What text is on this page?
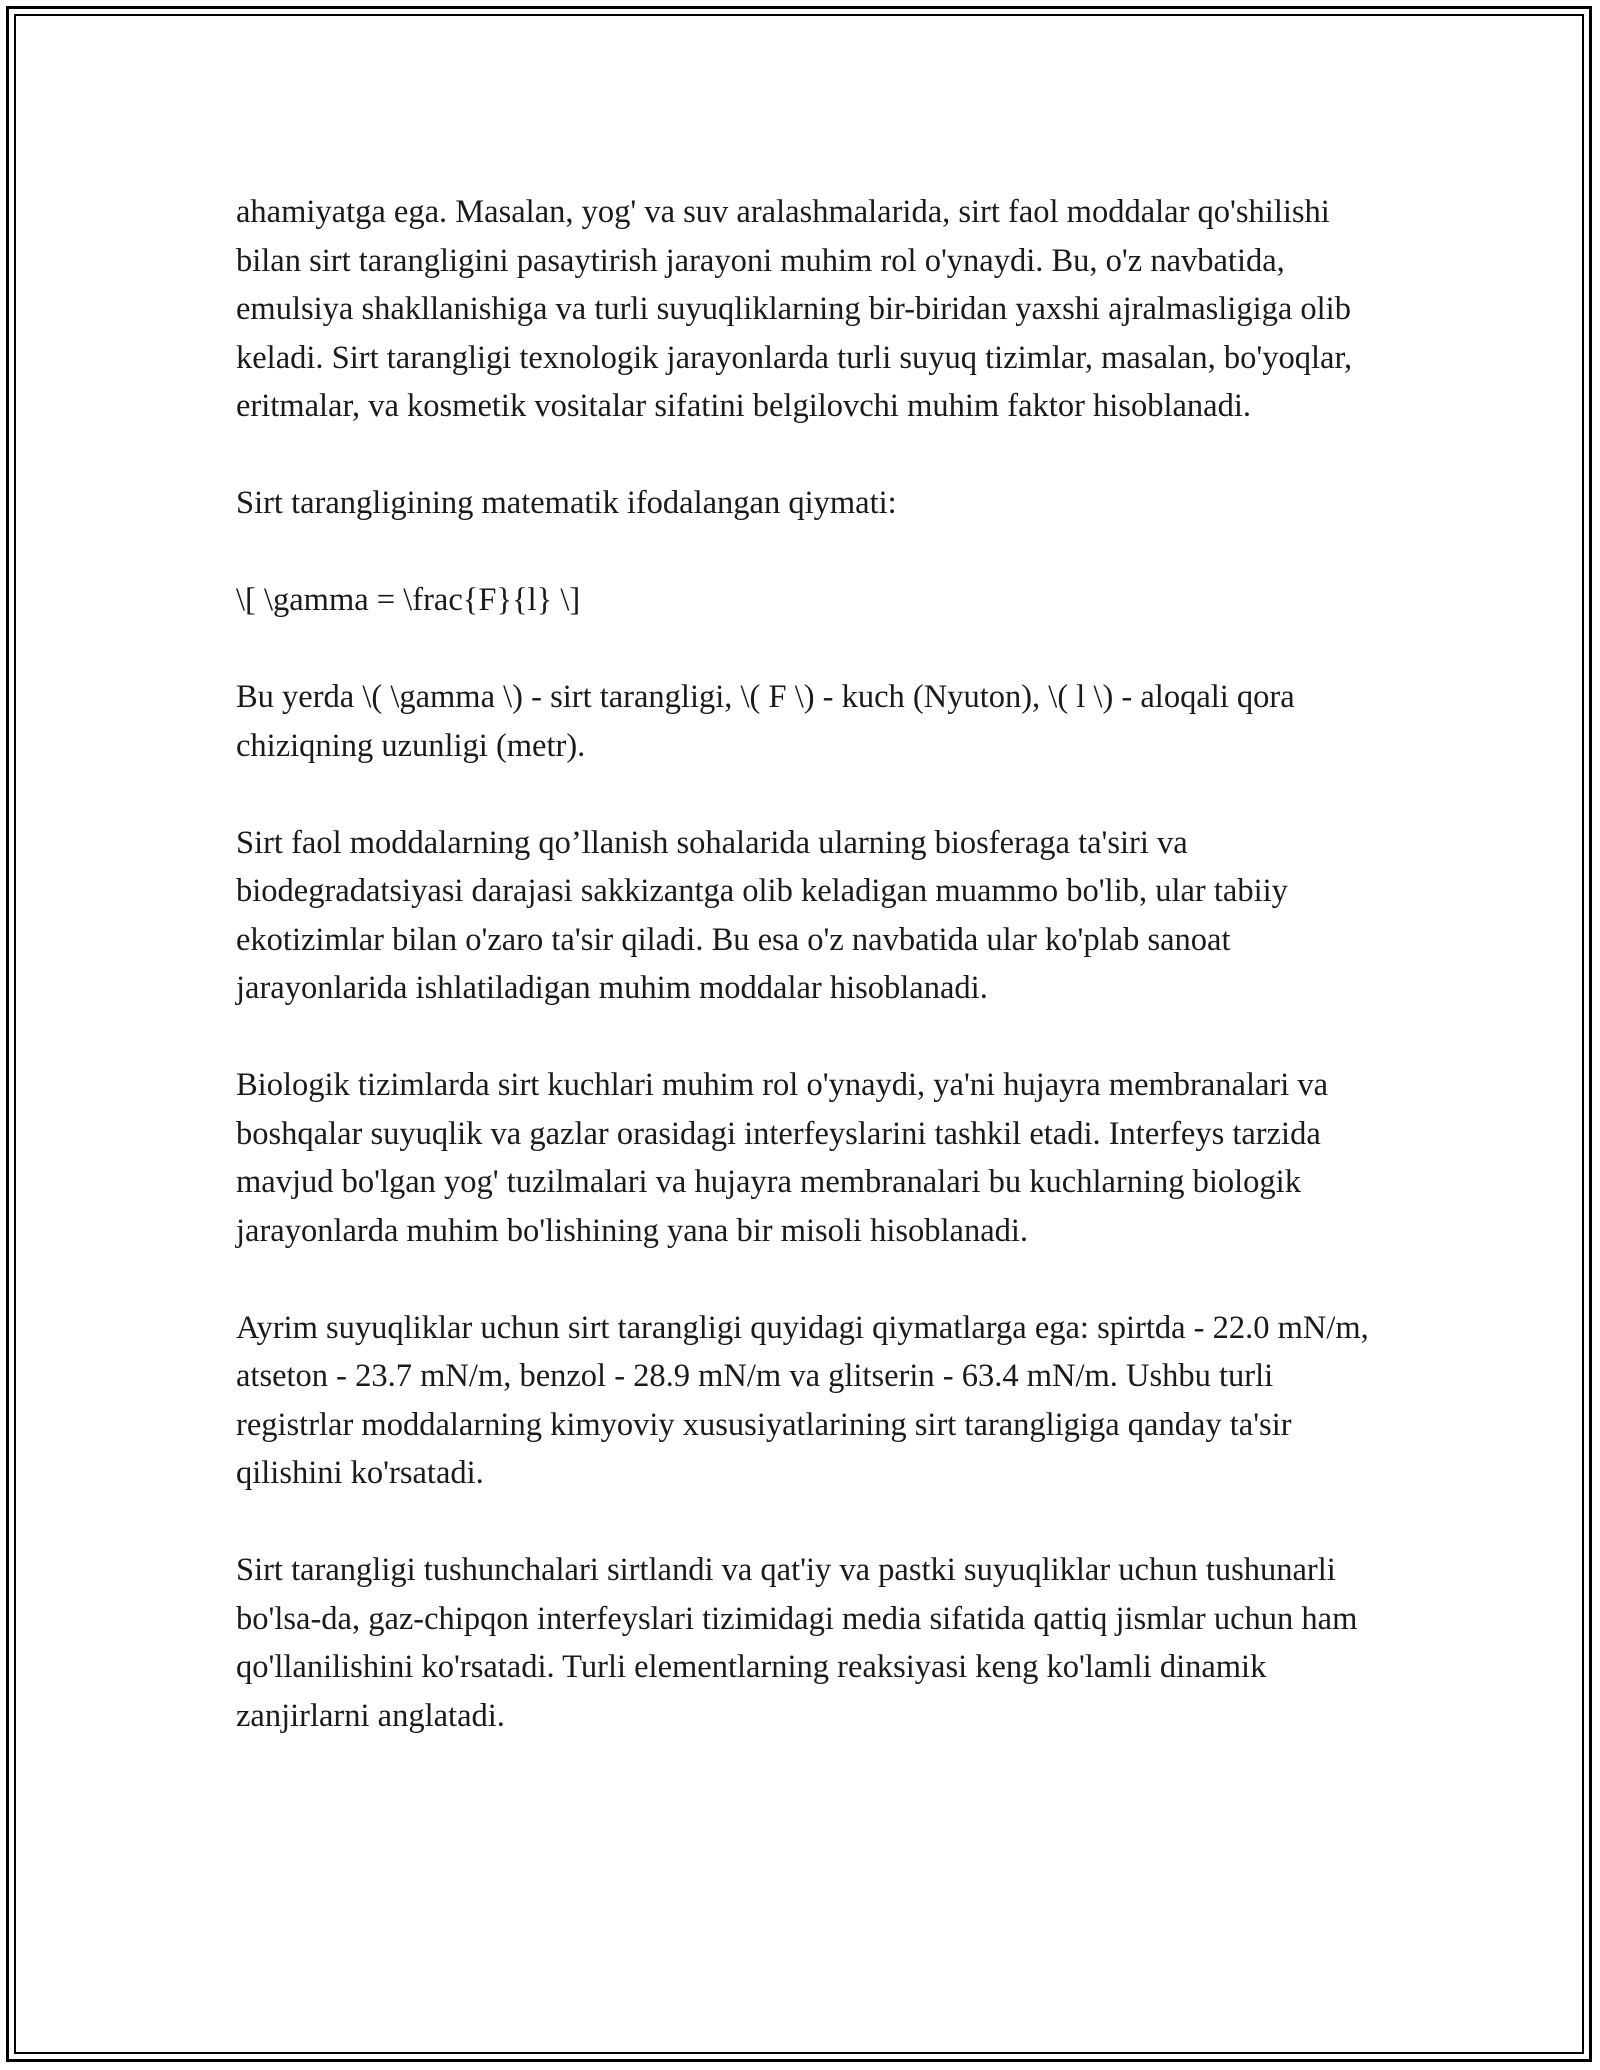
ahamiyatga ega. Masalan, yog' va suv aralashmalarida, sirt faol moddalar qo'shilishi bilan sirt tarangligini pasaytirish jarayoni muhim rol o'ynaydi. Bu, o'z navbatida, emulsiya shakllanishiga va turli suyuqliklarning bir-biridan yaxshi ajralmasligiga olib keladi. Sirt tarangligi texnologik jarayonlarda turli suyuq tizimlar, masalan, bo'yoqlar, eritmalar, va kosmetik vositalar sifatini belgilovchi muhim faktor hisoblanadi.

Sirt tarangligining matematik ifodalangan qiymati:

\[ \gamma = \frac{F}{l} \]

Bu yerda \( \gamma \) - sirt tarangligi, \( F \) - kuch (Nyuton), \( l \) - aloqali qora chiziqning uzunligi (metr).

Sirt faol moddalarning qo’llanish sohalarida ularning biosferaga ta'siri va biodegradatsiyasi darajasi sakkizantga olib keladigan muammo bo'lib, ular tabiiy ekotizimlar bilan o'zaro ta'sir qiladi. Bu esa o'z navbatida ular ko'plab sanoat jarayonlarida ishlatiladigan muhim moddalar hisoblanadi.

Biologik tizimlarda sirt kuchlari muhim rol o'ynaydi, ya'ni hujayra membranalari va boshqalar suyuqlik va gazlar orasidagi interfeyslarini tashkil etadi. Interfeys tarzida mavjud bo'lgan yog' tuzilmalari va hujayra membranalari bu kuchlarning biologik jarayonlarda muhim bo'lishining yana bir misoli hisoblanadi.

Ayrim suyuqliklar uchun sirt tarangligi quyidagi qiymatlarga ega: spirtda - 22.0 mN/m, atseton - 23.7 mN/m, benzol - 28.9 mN/m va glitserin - 63.4 mN/m. Ushbu turli registrlar moddalarning kimyoviy xususiyatlarining sirt tarangligiga qanday ta'sir qilishini ko'rsatadi.

Sirt tarangligi tushunchalari sirtlandi va qat'iy va pastki suyuqliklar uchun tushunarli bo'lsa-da, gaz-chipqon interfeyslari tizimidagi media sifatida qattiq jismlar uchun ham qo'llanilishini ko'rsatadi. Turli elementlarning reaksiyasi keng ko'lamli dinamik zanjirlarni anglatadi.
